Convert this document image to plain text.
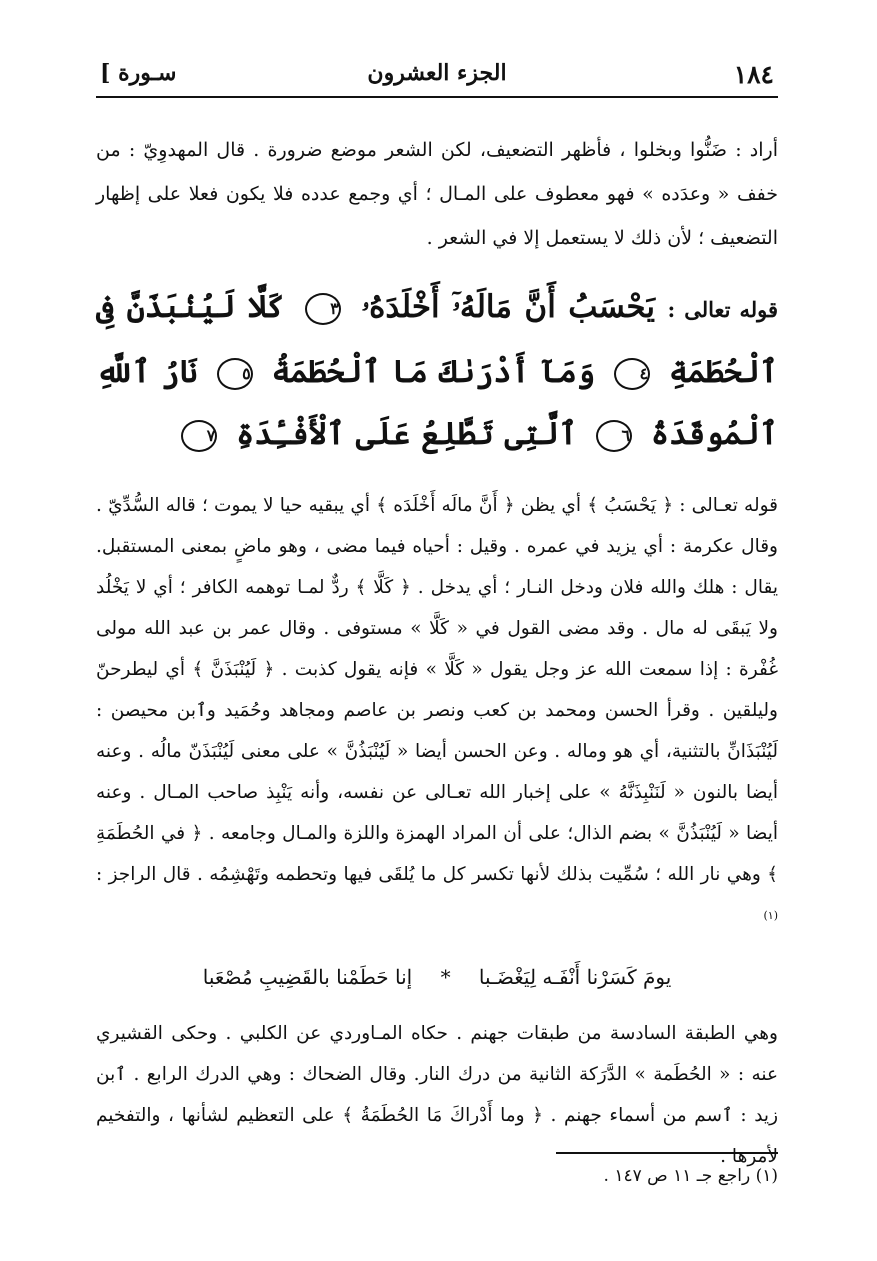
١٨٤
الجزء العشرون
سـورة ]

أراد : ضَنُّوا وبخلوا ، فأظهر التضعيف، لكن الشعر موضع ضرورة . قال المهدوِيّ : من خفف « وعدَده » فهو معطوف على المـال ؛ أي وجمع عدده فلا يكون فعلا على إظهار التضعيف ؛ لأن ذلك لا يستعمل إلا في الشعر .

قوله تعالى : يَحْسَبُ أَنَّ مَالَهُۥٓ أَخْلَدَهُۥ ٣ كَلَّا لَيُنۢبَذَنَّ فِى ٱلْحُطَمَةِ ٤ وَمَآ أَدْرَىٰكَ مَا ٱلْحُطَمَةُ ٥ نَارُ ٱللَّهِ ٱلْمُوقَدَةُ ٦ ٱلَّتِى تَطَّلِعُ عَلَى ٱلْأَفْـِٔدَةِ ٧

قوله تعـالى : ﴿ يَحْسَبُ ﴾ أي يظن ﴿ أَنَّ مالَه أَخْلَدَه ﴾ أي يبقيه حيا لا يموت ؛ قاله السُّدِّيّ . وقال عكرمة : أي يزيد في عمره . وقيل : أحياه فيما مضى ، وهو ماضٍ بمعنى المستقبل. يقال : هلك والله فلان ودخل النـار ؛ أي يدخل . ﴿ كَلَّا ﴾ ردٌّ لمـا توهمه الكافر ؛ أي لا يَخْلُد ولا يَبقَى له مال . وقد مضى القول في « كَلَّا » مستوفى . وقال عمر بن عبد الله مولى غُفْرة : إذا سمعت الله عز وجل يقول « كَلَّا » فإنه يقول كذبت . ﴿ لَيُنْبَذَنَّ ﴾ أي ليطرحنّ وليلقين . وقرأ الحسن ومحمد بن كعب ونصر بن عاصم ومجاهد وحُمَيد وٱبن محيصن : لَيُنْبَذَانِّ بالتثنية، أي هو وماله . وعن الحسن أيضا « لَيُنْبَذُنَّ » على معنى لَيُنْبَذَنّ مالُه . وعنه أيضا بالنون « لَنَنْبِذَنَّهُ » على إخبار الله تعـالى عن نفسه، وأنه يَنْبِذ صاحب المـال . وعنه أيضا « لَيُنْبَذُنَّ » بضم الذال؛ على أن المراد الهمزة واللزة والمـال وجامعه . ﴿ في الحُطَمَةِ ﴾ وهي نار الله ؛ سُمِّيت بذلك لأنها تكسر كل ما يُلقَى فيها وتحطمه وتَهْشِمُه . قال الراجز : $^{(١)}$

يومَ كَسَرْنا أَنْفَـه لِيَغْضَـبا * إنا حَطَمْنا بالقَضِيبِ مُصْعَبا

وهي الطبقة السادسة من طبقات جهنم . حكاه المـاوردي عن الكلبي . وحكى القشيري عنه : « الحُطَمة » الدَّرَكة الثانية من درك النار. وقال الضحاك : وهي الدرك الرابع . ٱبن زيد : ٱسم من أسماء جهنم . ﴿ وما أَدْراكَ مَا الحُطَمَةُ ﴾ على التعظيم لشأنها ، والتفخيم لأمرها .

(١) راجع جـ ١١ ص ١٤٧ .
